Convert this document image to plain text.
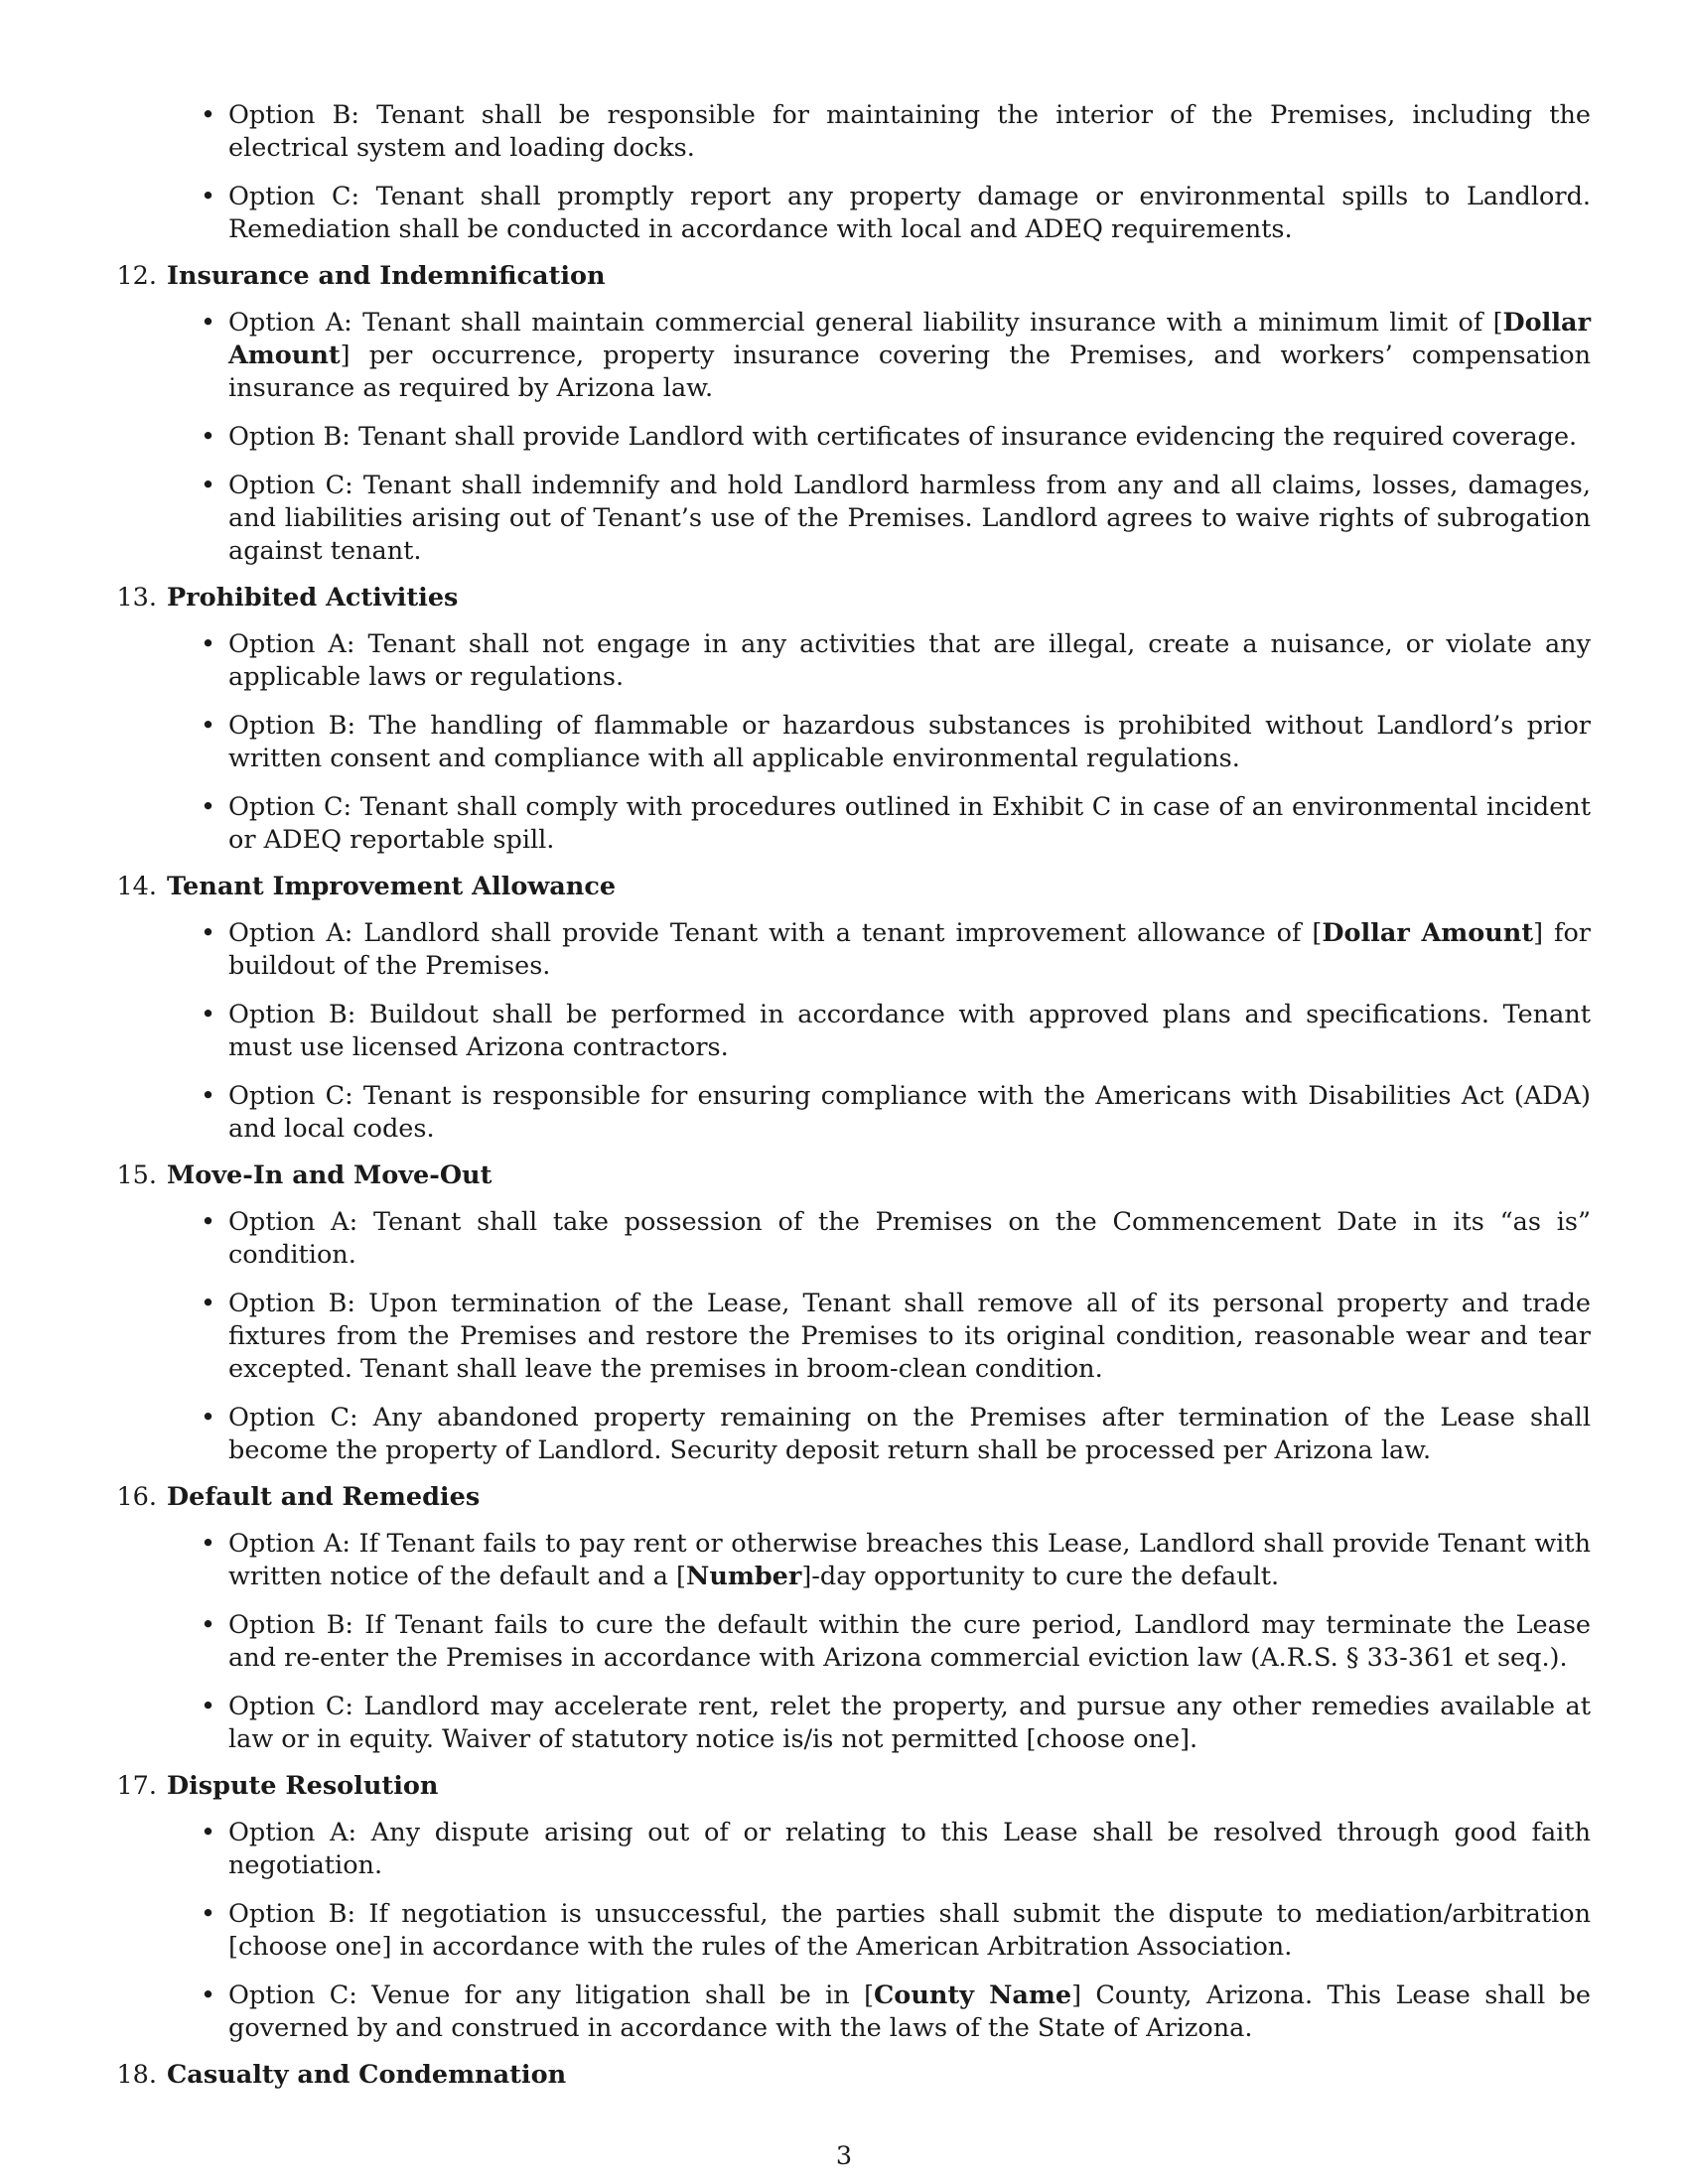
• Option B: Tenant shall be responsible for maintaining the interior of the Premises, including the electrical system and loading docks.
• Option C: Tenant shall promptly report any property damage or environmental spills to Landlord. Remediation shall be conducted in accordance with local and ADEQ requirements.
12. Insurance and Indemnification
• Option A: Tenant shall maintain commercial general liability insurance with a minimum limit of [Dollar Amount] per occurrence, property insurance covering the Premises, and workers’ compensation insurance as required by Arizona law.
• Option B: Tenant shall provide Landlord with certificates of insurance evidencing the required coverage.
• Option C: Tenant shall indemnify and hold Landlord harmless from any and all claims, losses, damages, and liabilities arising out of Tenant’s use of the Premises. Landlord agrees to waive rights of subrogation against tenant.
13. Prohibited Activities
• Option A: Tenant shall not engage in any activities that are illegal, create a nuisance, or violate any applicable laws or regulations.
• Option B: The handling of flammable or hazardous substances is prohibited without Landlord’s prior written consent and compliance with all applicable environmental regulations.
• Option C: Tenant shall comply with procedures outlined in Exhibit C in case of an environmental incident or ADEQ reportable spill.
14. Tenant Improvement Allowance
• Option A: Landlord shall provide Tenant with a tenant improvement allowance of [Dollar Amount] for buildout of the Premises.
• Option B: Buildout shall be performed in accordance with approved plans and specifications. Tenant must use licensed Arizona contractors.
• Option C: Tenant is responsible for ensuring compliance with the Americans with Disabilities Act (ADA) and local codes.
15. Move-In and Move-Out
• Option A: Tenant shall take possession of the Premises on the Commencement Date in its “as is” condition.
• Option B: Upon termination of the Lease, Tenant shall remove all of its personal property and trade fixtures from the Premises and restore the Premises to its original condition, reasonable wear and tear excepted. Tenant shall leave the premises in broom-clean condition.
• Option C: Any abandoned property remaining on the Premises after termination of the Lease shall become the property of Landlord. Security deposit return shall be processed per Arizona law.
16. Default and Remedies
• Option A: If Tenant fails to pay rent or otherwise breaches this Lease, Landlord shall provide Tenant with written notice of the default and a [Number]-day opportunity to cure the default.
• Option B: If Tenant fails to cure the default within the cure period, Landlord may terminate the Lease and re-enter the Premises in accordance with Arizona commercial eviction law (A.R.S. § 33-361 et seq.).
• Option C: Landlord may accelerate rent, relet the property, and pursue any other remedies available at law or in equity. Waiver of statutory notice is/is not permitted [choose one].
17. Dispute Resolution
• Option A: Any dispute arising out of or relating to this Lease shall be resolved through good faith negotiation.
• Option B: If negotiation is unsuccessful, the parties shall submit the dispute to mediation/arbitration [choose one] in accordance with the rules of the American Arbitration Association.
• Option C: Venue for any litigation shall be in [County Name] County, Arizona. This Lease shall be governed by and construed in accordance with the laws of the State of Arizona.
18. Casualty and Condemnation
3
